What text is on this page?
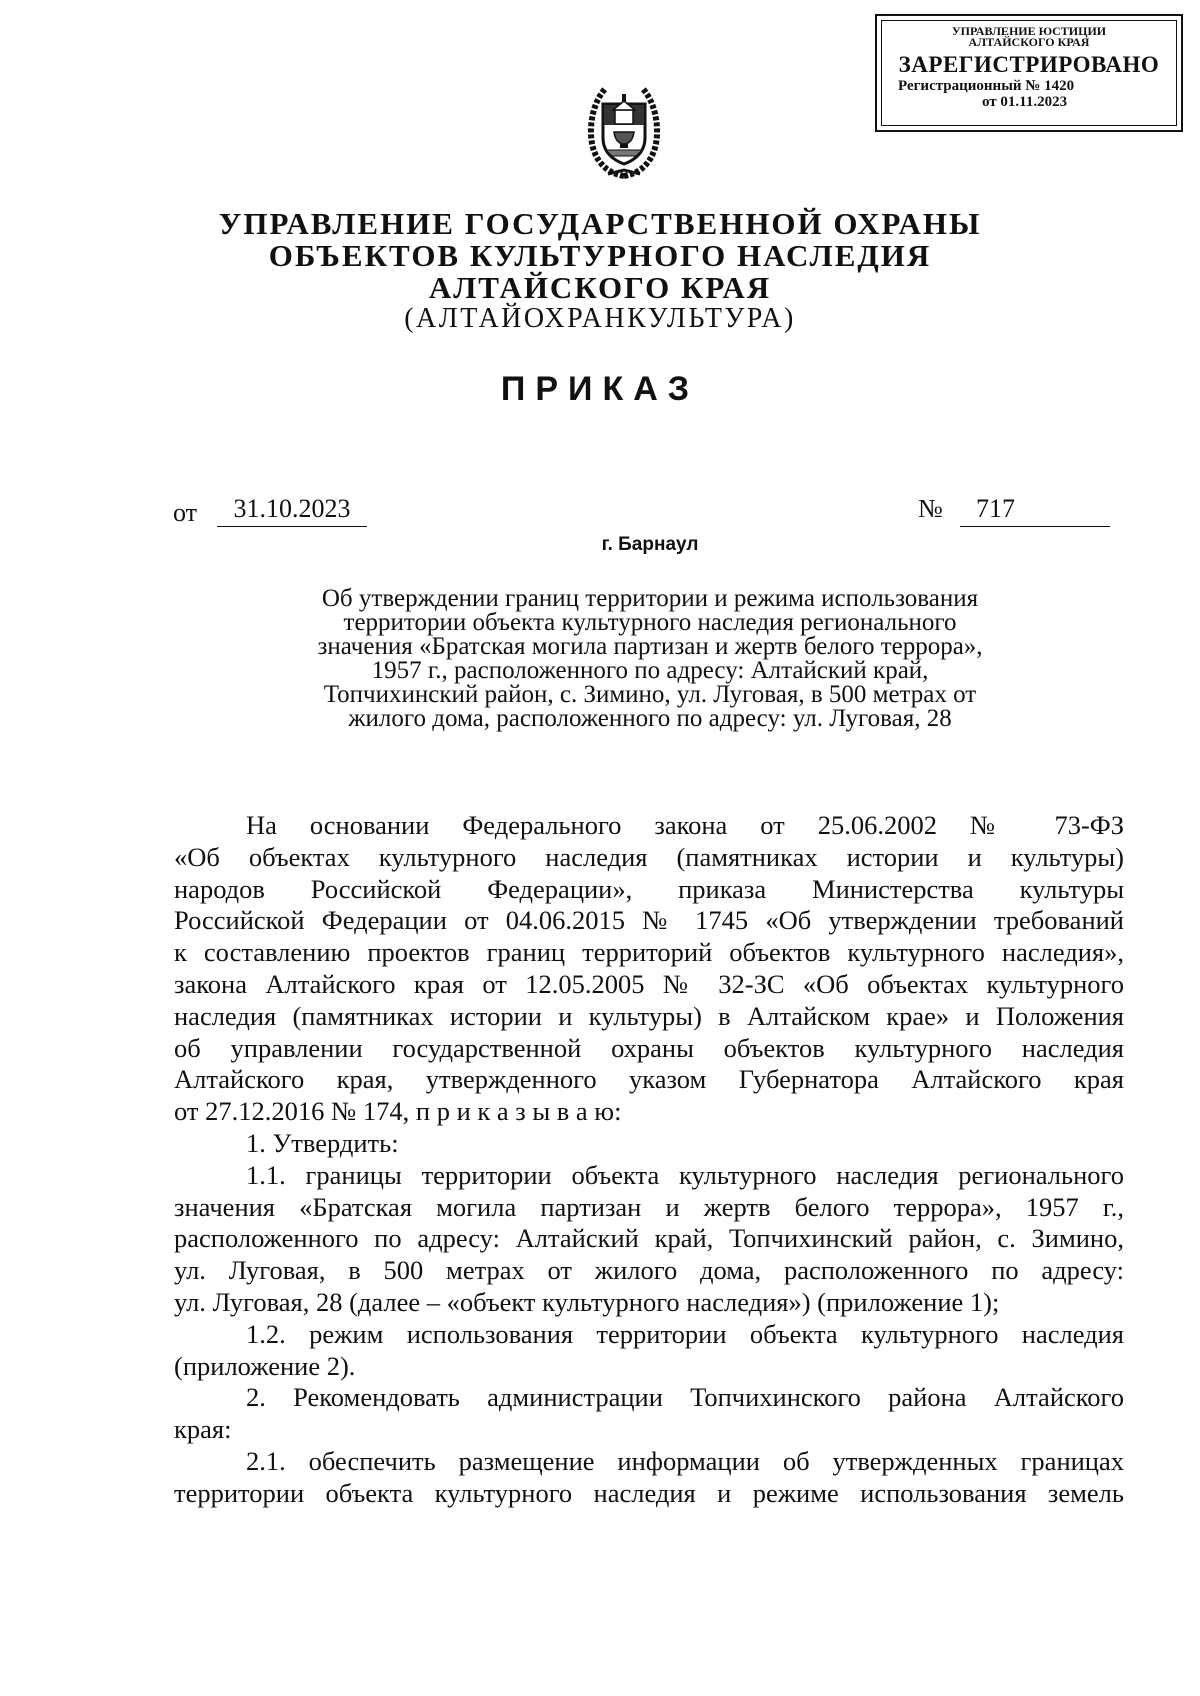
УПРАВЛЕНИЕ ЮСТИЦИИ
АЛТАЙСКОГО КРАЯ
ЗАРЕГИСТРИРОВАНО
Регистрационный № 1420
от 01.11.2023
УПРАВЛЕНИЕ ГОСУДАРСТВЕННОЙ ОХРАНЫ
ОБЪЕКТОВ КУЛЬТУРНОГО НАСЛЕДИЯ
АЛТАЙСКОГО КРАЯ
(АЛТАЙОХРАНКУЛЬТУРА)
ПРИКАЗ
от	31.10.2023	№	717
г. Барнаул
Об утверждении границ территории и режима использования
территории объекта культурного наследия регионального
значения «Братская могила партизан и жертв белого террора»,
1957 г., расположенного по адресу: Алтайский край,
Топчихинский район, с. Зимино, ул. Луговая, в 500 метрах от
жилого дома, расположенного по адресу: ул. Луговая, 28
На основании Федерального закона от 25.06.2002 № 73-ФЗ
«Об объектах культурного наследия (памятниках истории и культуры)
народов Российской Федерации», приказа Министерства культуры
Российской Федерации от 04.06.2015 № 1745 «Об утверждении требований
к составлению проектов границ территорий объектов культурного наследия»,
закона Алтайского края от 12.05.2005 № 32-ЗС «Об объектах культурного
наследия (памятниках истории и культуры) в Алтайском крае» и Положения
об управлении государственной охраны объектов культурного наследия
Алтайского края, утвержденного указом Губернатора Алтайского края
от 27.12.2016 № 174, п р и к а з ы в а ю:
1. Утвердить:
1.1. границы территории объекта культурного наследия регионального
значения «Братская могила партизан и жертв белого террора», 1957 г.,
расположенного по адресу: Алтайский край, Топчихинский район, с. Зимино,
ул. Луговая, в 500 метрах от жилого дома, расположенного по адресу:
ул. Луговая, 28 (далее – «объект культурного наследия») (приложение 1);
1.2. режим использования территории объекта культурного наследия
(приложение 2).
2. Рекомендовать администрации Топчихинского района Алтайского
края:
2.1. обеспечить размещение информации об утвержденных границах
территории объекта культурного наследия и режиме использования земель
